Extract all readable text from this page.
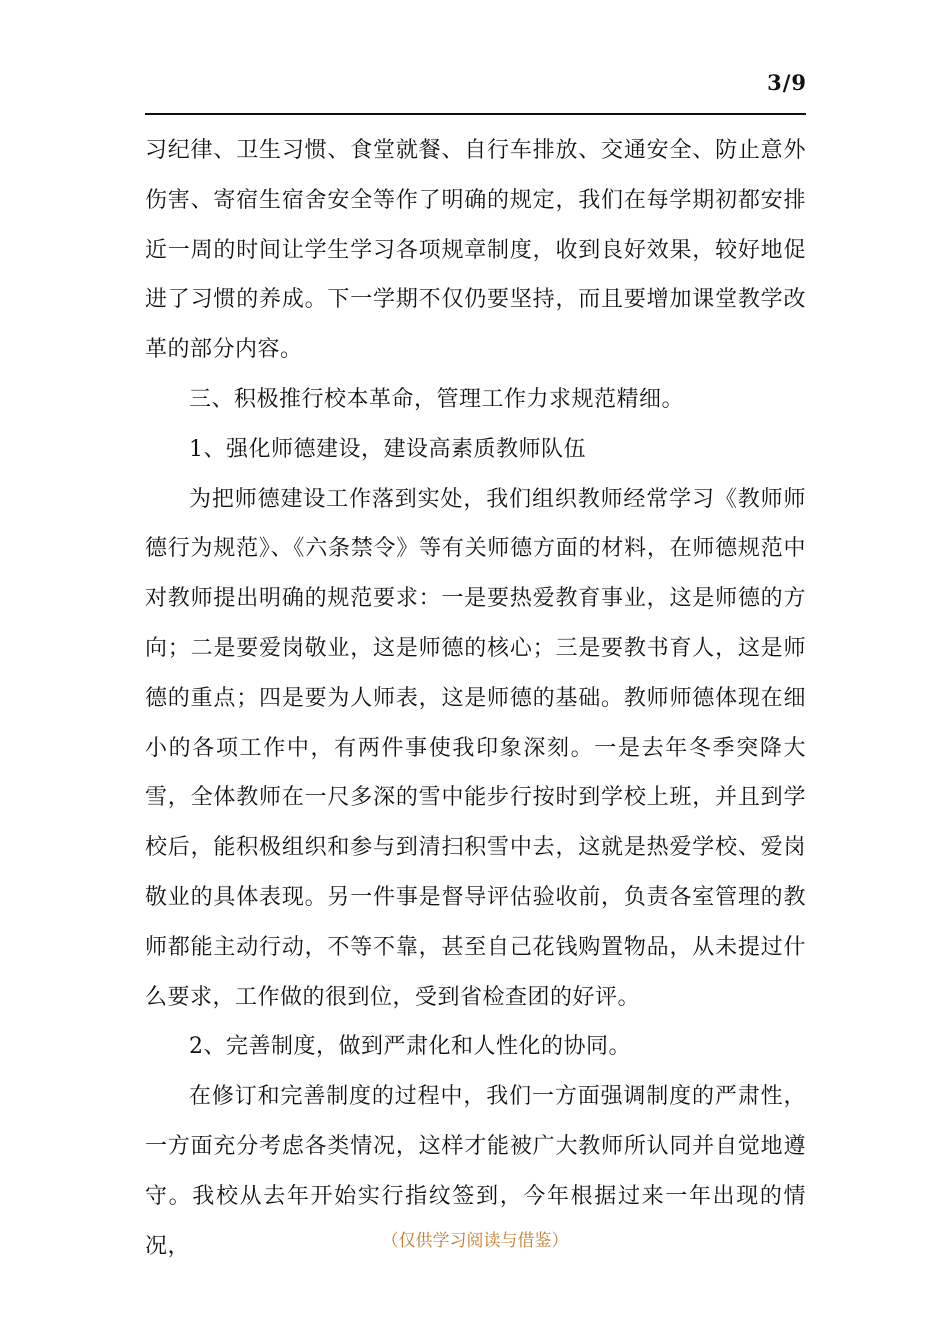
3/9

习纪律、卫生习惯、食堂就餐、自行车排放、交通安全、防止意外伤害、寄宿生宿舍安全等作了明确的规定，我们在每学期初都安排近一周的时间让学生学习各项规章制度，收到良好效果，较好地促进了习惯的养成。下一学期不仅仍要坚持，而且要增加课堂教学改革的部分内容。

三、积极推行校本革命，管理工作力求规范精细。

1、强化师德建设，建设高素质教师队伍

为把师德建设工作落到实处，我们组织教师经常学习《教师师德行为规范》、《六条禁令》等有关师德方面的材料，在师德规范中对教师提出明确的规范要求：一是要热爱教育事业，这是师德的方向；二是要爱岗敬业，这是师德的核心；三是要教书育人，这是师德的重点；四是要为人师表，这是师德的基础。教师师德体现在细小的各项工作中，有两件事使我印象深刻。一是去年冬季突降大雪，全体教师在一尺多深的雪中能步行按时到学校上班，并且到学校后，能积极组织和参与到清扫积雪中去，这就是热爱学校、爱岗敬业的具体表现。另一件事是督导评估验收前，负责各室管理的教师都能主动行动，不等不靠，甚至自己花钱购置物品，从未提过什么要求，工作做的很到位，受到省检查团的好评。

2、完善制度，做到严肃化和人性化的协同。

在修订和完善制度的过程中，我们一方面强调制度的严肃性，一方面充分考虑各类情况，这样才能被广大教师所认同并自觉地遵守。我校从去年开始实行指纹签到，今年根据过来一年出现的情况，	（仅供学习阅读与借鉴）
